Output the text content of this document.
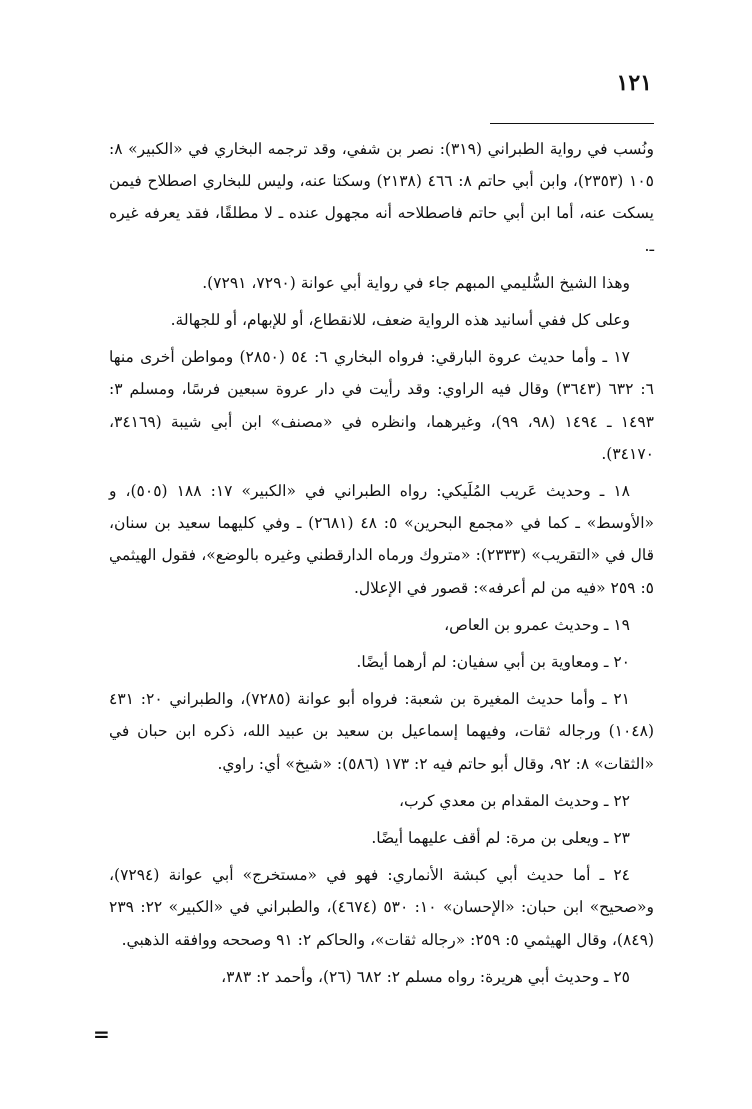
١٢١

ونُسب في رواية الطبراني (٣١٩): نصر بن شفي، وقد ترجمه البخاري في «الكبير» ٨: ١٠٥ (٢٣٥٣)، وابن أبي حاتم ٨: ٤٦٦ (٢١٣٨) وسكتا عنه، وليس للبخاري اصطلاح فيمن يسكت عنه، أما ابن أبي حاتم فاصطلاحه أنه مجهول عنده ـ لا مطلقًا، فقد يعرفه غيره ـ.

وهذا الشيخ السُّليمي المبهم جاء في رواية أبي عوانة (٧٢٩٠، ٧٢٩١).

وعلى كل ففي أسانيد هذه الرواية ضعف، للانقطاع، أو للإبهام، أو للجهالة.

١٧ ـ وأما حديث عروة البارقي: فرواه البخاري ٦: ٥٤ (٢٨٥٠) ومواطن أخرى منها ٦: ٦٣٢ (٣٦٤٣) وقال فيه الراوي: وقد رأيت في دار عروة سبعين فرسًا، ومسلم ٣: ١٤٩٣ ـ ١٤٩٤ (٩٨، ٩٩)، وغيرهما، وانظره في «مصنف» ابن أبي شيبة (٣٤١٦٩، ٣٤١٧٠).

١٨ ـ وحديث عَريب المُلَيكي: رواه الطبراني في «الكبير» ١٧: ١٨٨ (٥٠٥)، و «الأوسط» ـ كما في «مجمع البحرين» ٥: ٤٨ (٢٦٨١) ـ وفي كليهما سعيد بن سنان، قال في «التقريب» (٢٣٣٣): «متروك ورماه الدارقطني وغيره بالوضع»، فقول الهيثمي ٥: ٢٥٩ «فيه من لم أعرفه»: قصور في الإعلال.

١٩ ـ وحديث عمرو بن العاص،

٢٠ ـ ومعاوية بن أبي سفيان: لم أرهما أيضًا.

٢١ ـ وأما حديث المغيرة بن شعبة: فرواه أبو عوانة (٧٢٨٥)، والطبراني ٢٠: ٤٣١ (١٠٤٨) ورجاله ثقات، وفيهما إسماعيل بن سعيد بن عبيد الله، ذكره ابن حبان في «الثقات» ٨: ٩٢، وقال أبو حاتم فيه ٢: ١٧٣ (٥٨٦): «شيخ» أي: راوي.

٢٢ ـ وحديث المقدام بن معدي كرب،

٢٣ ـ ويعلى بن مرة: لم أقف عليهما أيضًا.

٢٤ ـ أما حديث أبي كبشة الأنماري: فهو في «مستخرج» أبي عوانة (٧٢٩٤)، و«صحيح» ابن حبان: «الإحسان» ١٠: ٥٣٠ (٤٦٧٤)، والطبراني في «الكبير» ٢٢: ٢٣٩ (٨٤٩)، وقال الهيثمي ٥: ٢٥٩: «رجاله ثقات»، والحاكم ٢: ٩١ وصححه ووافقه الذهبي.

٢٥ ـ وحديث أبي هريرة: رواه مسلم ٢: ٦٨٢ (٢٦)، وأحمد ٢: ٣٨٣،

=
